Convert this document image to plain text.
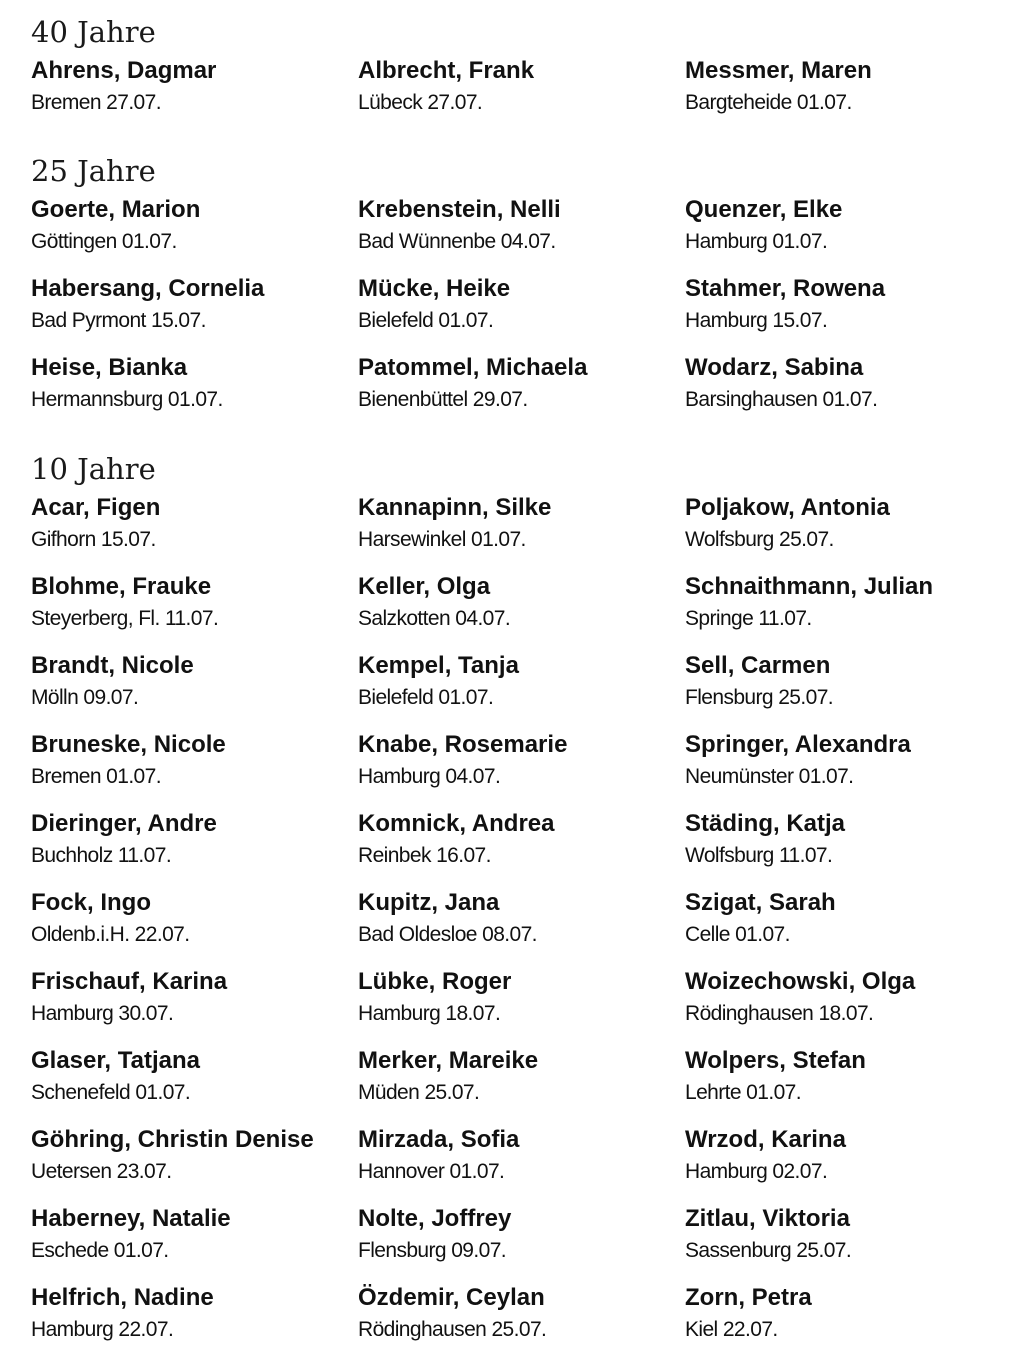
40 Jahre
Ahrens, Dagmar
Bremen 27.07.
Albrecht, Frank
Lübeck 27.07.
Messmer, Maren
Bargteheide 01.07.
25 Jahre
Goerte, Marion
Göttingen 01.07.
Krebenstein, Nelli
Bad Wünnenbe 04.07.
Quenzer, Elke
Hamburg 01.07.
Habersang, Cornelia
Bad Pyrmont 15.07.
Mücke, Heike
Bielefeld 01.07.
Stahmer, Rowena
Hamburg 15.07.
Heise, Bianka
Hermannsburg 01.07.
Patommel, Michaela
Bienenbüttel 29.07.
Wodarz, Sabina
Barsinghausen 01.07.
10 Jahre
Acar, Figen
Gifhorn 15.07.
Kannapinn, Silke
Harsewinkel 01.07.
Poljakow, Antonia
Wolfsburg 25.07.
Blohme, Frauke
Steyerberg, Fl. 11.07.
Keller, Olga
Salzkotten 04.07.
Schnaithmann, Julian
Springe 11.07.
Brandt, Nicole
Mölln 09.07.
Kempel, Tanja
Bielefeld 01.07.
Sell, Carmen
Flensburg 25.07.
Bruneske, Nicole
Bremen 01.07.
Knabe, Rosemarie
Hamburg 04.07.
Springer, Alexandra
Neumünster 01.07.
Dieringer, Andre
Buchholz 11.07.
Komnick, Andrea
Reinbek 16.07.
Städing, Katja
Wolfsburg 11.07.
Fock, Ingo
Oldenb.i.H. 22.07.
Kupitz, Jana
Bad Oldesloe 08.07.
Szigat, Sarah
Celle 01.07.
Frischauf, Karina
Hamburg 30.07.
Lübke, Roger
Hamburg 18.07.
Woizechowski, Olga
Rödinghausen 18.07.
Glaser, Tatjana
Schenefeld 01.07.
Merker, Mareike
Müden 25.07.
Wolpers, Stefan
Lehrte 01.07.
Göhring, Christin Denise
Uetersen 23.07.
Mirzada, Sofia
Hannover 01.07.
Wrzod, Karina
Hamburg 02.07.
Haberney, Natalie
Eschede 01.07.
Nolte, Joffrey
Flensburg 09.07.
Zitlau, Viktoria
Sassenburg 25.07.
Helfrich, Nadine
Hamburg 22.07.
Özdemir, Ceylan
Rödinghausen 25.07.
Zorn, Petra
Kiel 22.07.
